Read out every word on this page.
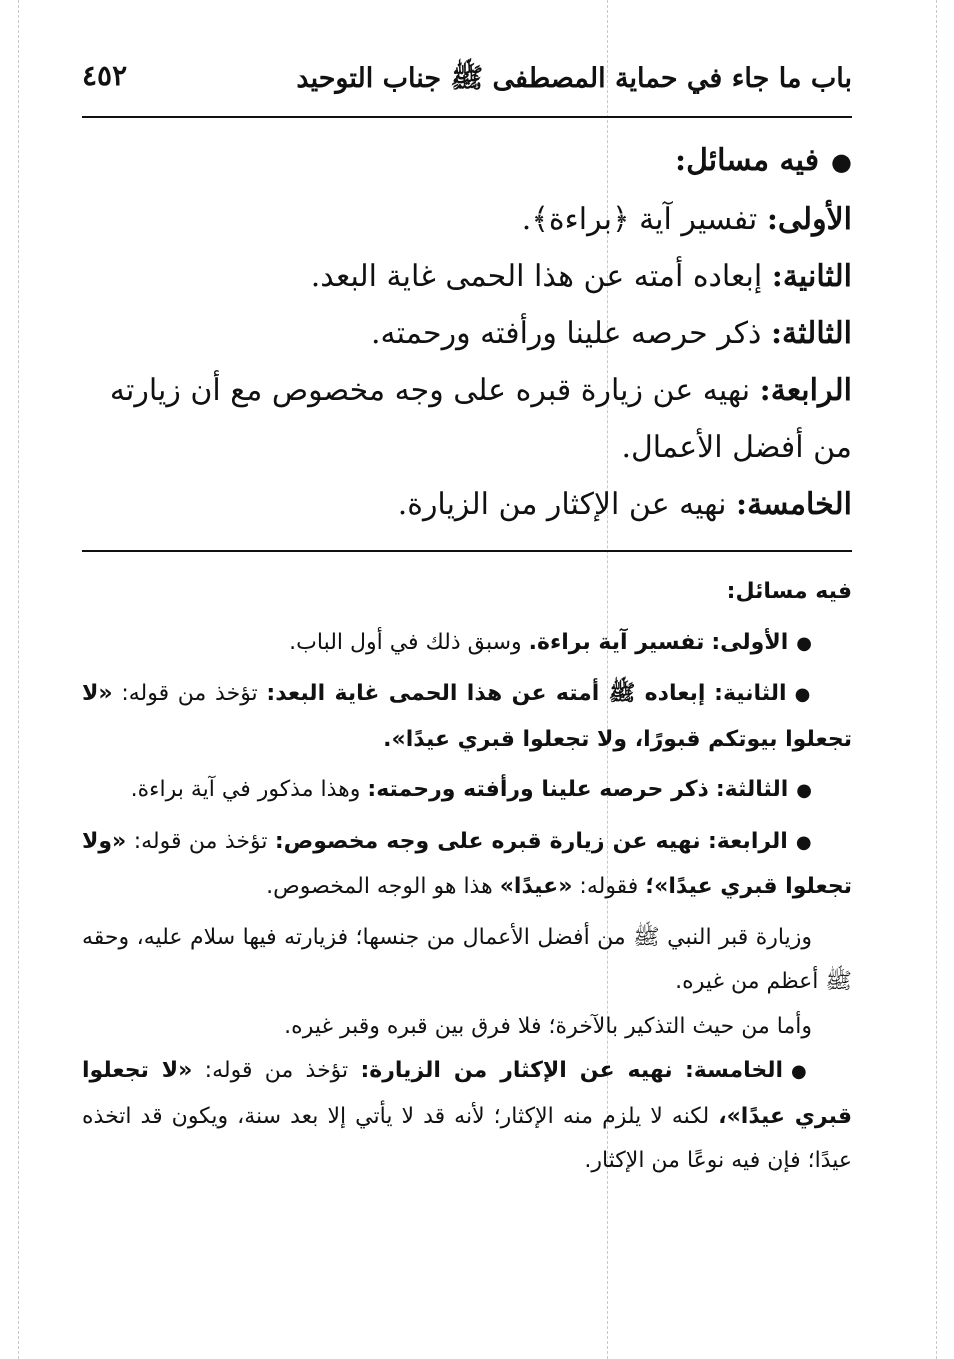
باب ما جاء في حماية المصطفى ﷺ جناب التوحيد
٤٥٢

●فيه مسائل:

الأولى: تفسير آية ﴿براءة﴾.

الثانية: إبعاده أمته عن هذا الحمى غاية البعد.

الثالثة: ذكر حرصه علينا ورأفته ورحمته.

الرابعة: نهيه عن زيارة قبره على وجه مخصوص مع أن زيارته من أفضل الأعمال.

الخامسة: نهيه عن الإكثار من الزيارة.

فيه مسائل:

●الأولى: تفسير آية براءة. وسبق ذلك في أول الباب.

●الثانية: إبعاده ﷺ أمته عن هذا الحمى غاية البعد: تؤخذ من قوله: «لا تجعلوا بيوتكم قبورًا، ولا تجعلوا قبري عيدًا».

●الثالثة: ذكر حرصه علينا ورأفته ورحمته: وهذا مذكور في آية براءة.

●الرابعة: نهيه عن زيارة قبره على وجه مخصوص: تؤخذ من قوله: «ولا تجعلوا قبري عيدًا»؛ فقوله: «عيدًا» هذا هو الوجه المخصوص.

وزيارة قبر النبي ﷺ من أفضل الأعمال من جنسها؛ فزيارته فيها سلام عليه، وحقه ﷺ أعظم من غيره.

وأما من حيث التذكير بالآخرة؛ فلا فرق بين قبره وقبر غيره.

●الخامسة: نهيه عن الإكثار من الزيارة: تؤخذ من قوله: «لا تجعلوا قبري عيدًا»، لكنه لا يلزم منه الإكثار؛ لأنه قد لا يأتي إلا بعد سنة، ويكون قد اتخذه عيدًا؛ فإن فيه نوعًا من الإكثار.
